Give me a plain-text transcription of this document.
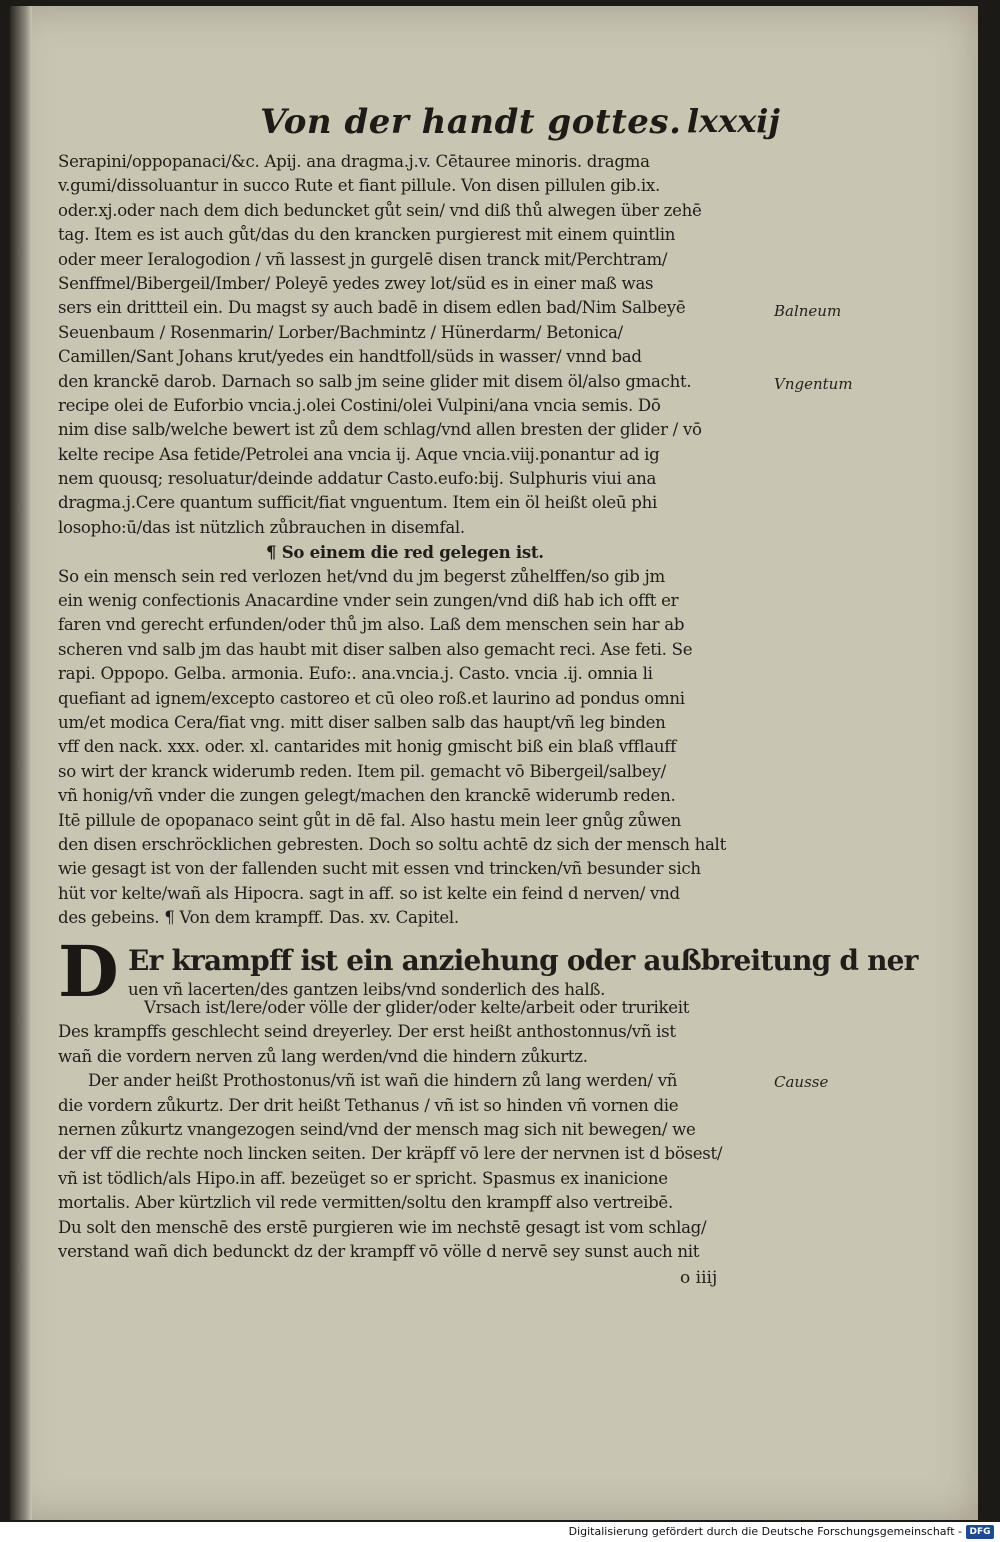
Von der handt gottes. lxxxij
Serapini/oppopanaci/&c. Apij. ana dragma.j.v. Cētauree minoris. dragma
v.gumi/dissoluantur in succo Rute et fiant pillule. Von disen pillulen gib.ix.
oder.xj.oder nach dem dich beduncket gůt sein/ vnd diß thů alwegen über zehē
tag. Item es ist auch gůt/das du den krancken purgierest mit einem quintlin
oder meer Ieralogodion / vñ lassest jn gurgelē disen tranck mit/Perchtram/
Senffmel/Bibergeil/Imber/ Poleyē yedes zwey lot/süd es in einer maß was
sers ein drittteil ein. Du magst sy auch badē in disem edlen bad/Nim Salbeyē
Seuenbaum / Rosenmarin/ Lorber/Bachmintz / Hünerdarm/ Betonica/
Camillen/Sant Johans krut/yedes ein handtfoll/süds in wasser/ vnnd bad
den kranckē darob. Darnach so salb jm seine glider mit disem öl/also gmacht.
recipe olei de Euforbio vncia.j.olei Costini/olei Vulpini/ana vncia semis. Dō
nim dise salb/welche bewert ist zů dem schlag/vnd allen bresten der glider / vō
kelte recipe Asa fetide/Petrolei ana vncia ij. Aque vncia.viij.ponantur ad ig
nem quousq; resoluatur/deinde addatur Casto.eufo:bij. Sulphuris viui ana
dragma.j.Cere quantum sufficit/fiat vnguentum. Item ein öl heißt oleū phi
losopho:ū/das ist nützlich zůbrauchen in disemfal.
¶ So einem die red gelegen ist.
So ein mensch sein red verlozen het/vnd du jm begerst zůhelffen/so gib jm
ein wenig confectionis Anacardine vnder sein zungen/vnd diß hab ich offt er
faren vnd gerecht erfunden/oder thů jm also. Laß dem menschen sein har ab
scheren vnd salb jm das haubt mit diser salben also gemacht reci. Ase feti. Se
rapi. Oppopo. Gelba. armonia. Eufo:. ana.vncia.j. Casto. vncia .ij. omnia li
quefiant ad ignem/excepto castoreo et cū oleo roß.et laurino ad pondus omni
um/et modica Cera/fiat vng. mitt diser salben salb das haupt/vñ leg binden
vff den nack. xxx. oder. xl. cantarides mit honig gmischt biß ein blaß vfflauff
so wirt der kranck widerumb reden. Item pil. gemacht vō Bibergeil/salbey/
vñ honig/vñ vnder die zungen gelegt/machen den kranckē widerumb reden.
Itē pillule de opopanaco seint gůt in dē fal. Also hastu mein leer gnůg zůwen
den disen erschröcklichen gebresten. Doch so soltu achtē dz sich der mensch halt
wie gesagt ist von der fallenden sucht mit essen vnd trincken/vñ besunder sich
hüt vor kelte/wañ als Hipocra. sagt in aff. so ist kelte ein feind d nerven/ vnd
des gebeins. ¶ Von dem krampff. Das. xv. Capitel.
D Er krampff ist ein anziehung oder außbreitung d ner
uen vñ lacerten/des gantzen leibs/vnd sonderlich des halß.
Vrsach ist/lere/oder völle der glider/oder kelte/arbeit oder trurikeit
Des krampffs geschlecht seind dreyerley. Der erst heißt anthostonnus/vñ ist
wañ die vordern nerven zů lang werden/vnd die hindern zůkurtz.
Der ander heißt Prothostonus/vñ ist wañ die hindern zů lang werden/ vñ
die vordern zůkurtz. Der drit heißt Tethanus / vñ ist so hinden vñ vornen die
nernen zůkurtz vnangezogen seind/vnd der mensch mag sich nit bewegen/ we
der vff die rechte noch lincken seiten. Der kräpff vō lere der nervnen ist d bösest/
vñ ist tödlich/als Hipo.in aff. bezeüget so er spricht. Spasmus ex inanicione
mortalis. Aber kürtzlich vil rede vermitten/soltu den krampff also vertreibē.
Du solt den menschē des erstē purgieren wie im nechstē gesagt ist vom schlag/
verstand wañ dich bedunckt dz der krampff vō völle d nervē sey sunst auch nit
Balneum
Vngentum
Causse
o iiij
Digitalisierung gefördert durch die Deutsche Forschungsgemeinschaft - DFG
